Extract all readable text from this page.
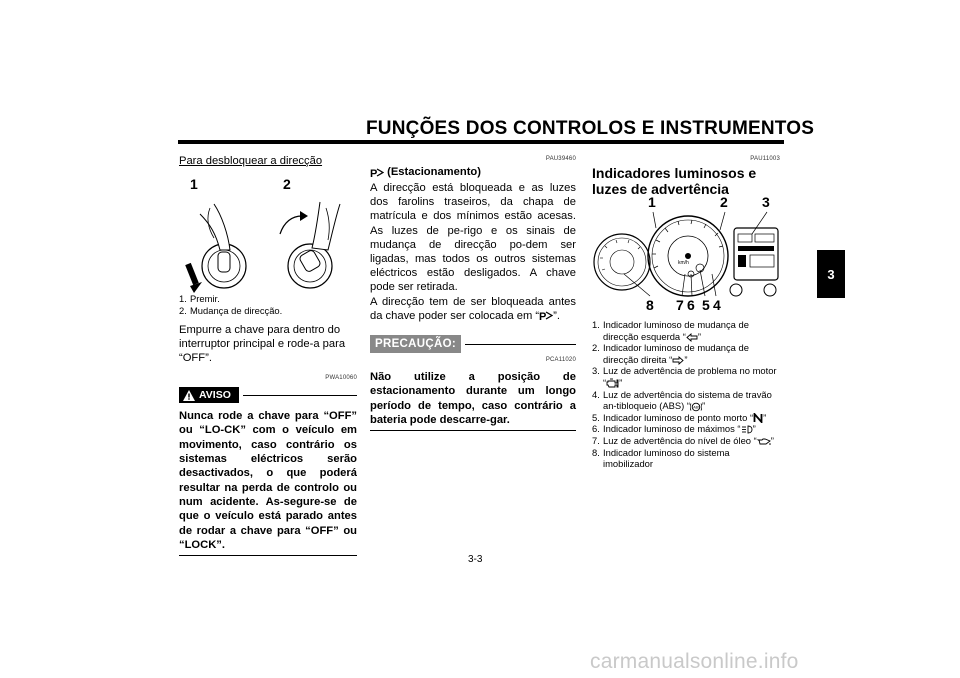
FUNÇÕES DOS CONTROLOS E INSTRUMENTOS
3

Para desbloquear a direcção

1	2
1. Premir.
2. Mudança de direcção.

Empurre a chave para dentro do interruptor principal e rode-a para “OFF”.

PWA10060
AVISO

Nunca rode a chave para “OFF” ou “LO-CK” com o veículo em movimento, caso contrário os sistemas eléctricos serão desactivados, o que poderá resultar na perda de controlo ou num acidente. As-segure-se de que o veículo está parado antes de rodar a chave para “OFF” ou “LOCK”.

PAU39460

P (Estacionamento)

A direcção está bloqueada e as luzes dos farolins traseiros, da chapa de matrícula e dos mínimos estão acesas. As luzes de pe-rigo e os sinais de mudança de direcção po-dem ser ligadas, mas todos os outros sistemas eléctricos estão desligados. A chave pode ser retirada.

A direcção tem de ser bloqueada antes da chave poder ser colocada em “ P ”.

PRECAUÇÃO:
PCA11020

Não utilize a posição de estacionamento durante um longo período de tempo, caso contrário a bateria pode descarre-gar.

PAU11003
Indicadores luminosos e luzes de advertência
1	2 3
km/h
8 7 6 5 4
1. Indicador luminoso de mudança de direcção esquerda “ ”
2. Indicador luminoso de mudança de direcção direita “ ”
3. Luz de advertência de problema no motor “ ”
4. Luz de advertência do sistema de travão an-tibloqueio (ABS) “ ABS ”
5. Indicador luminoso de ponto morto “ ”
6. Indicador luminoso de máximos “ ”
7. Luz de advertência do nível de óleo “ ”
8. Indicador luminoso do sistema imobilizador
3-3
carmanualsonline.info
